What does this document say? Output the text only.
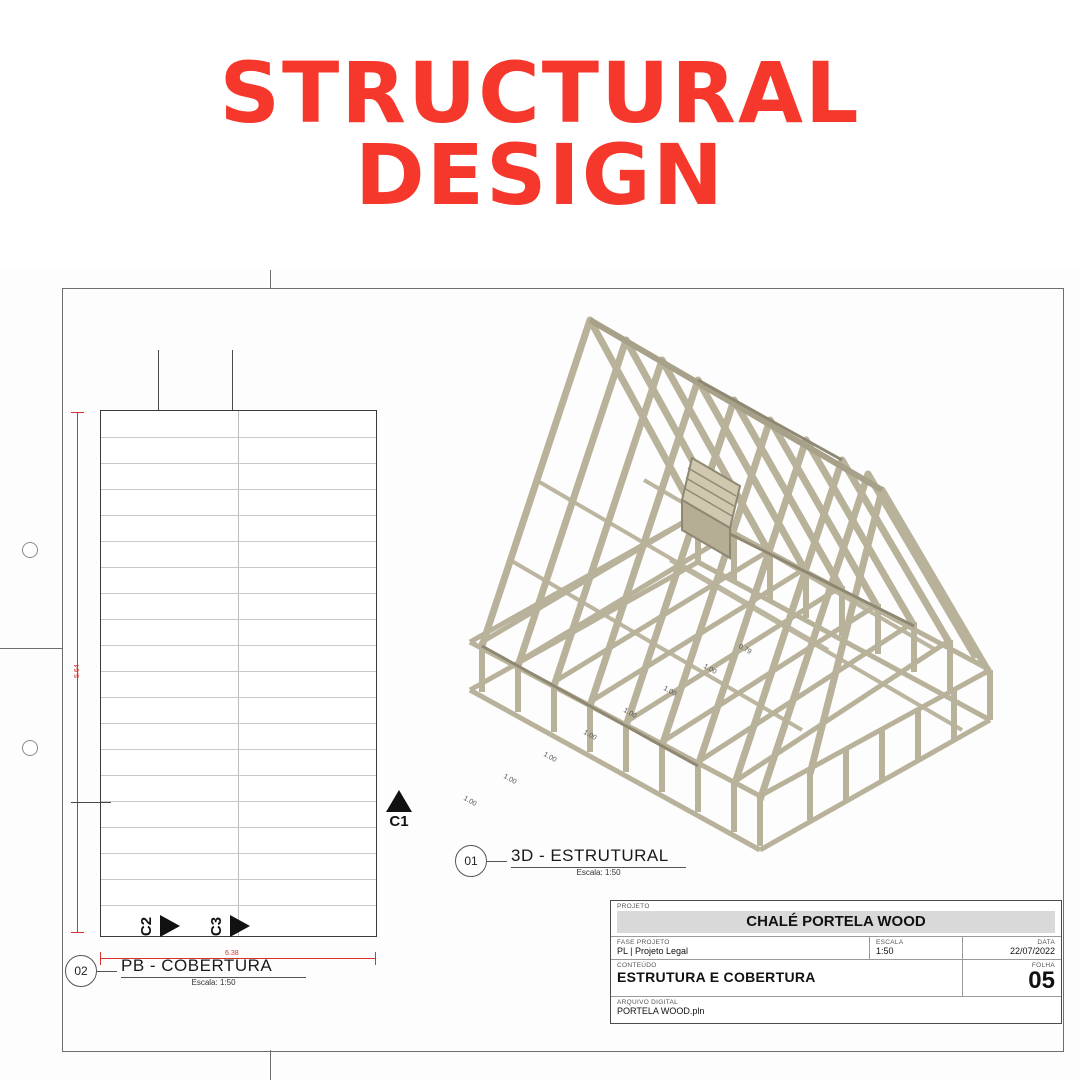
STRUCTURAL
DESIGN
5.64
6.38
C2	C3
C1
02	PB - COBERTURA
Escala: 1:50
1.00
1.00
1.00
1.00
1.00
1.00
1.00
0.79
01	3D - ESTRUTURAL
Escala: 1:50
PROJETO
CHALÉ PORTELA WOOD
FASE PROJETO
PL | Projeto Legal
ESCALA
1:50
DATA
22/07/2022
CONTEÚDO
ESTRUTURA E COBERTURA
FOLHA
05
ARQUIVO DIGITAL
PORTELA WOOD.pln
